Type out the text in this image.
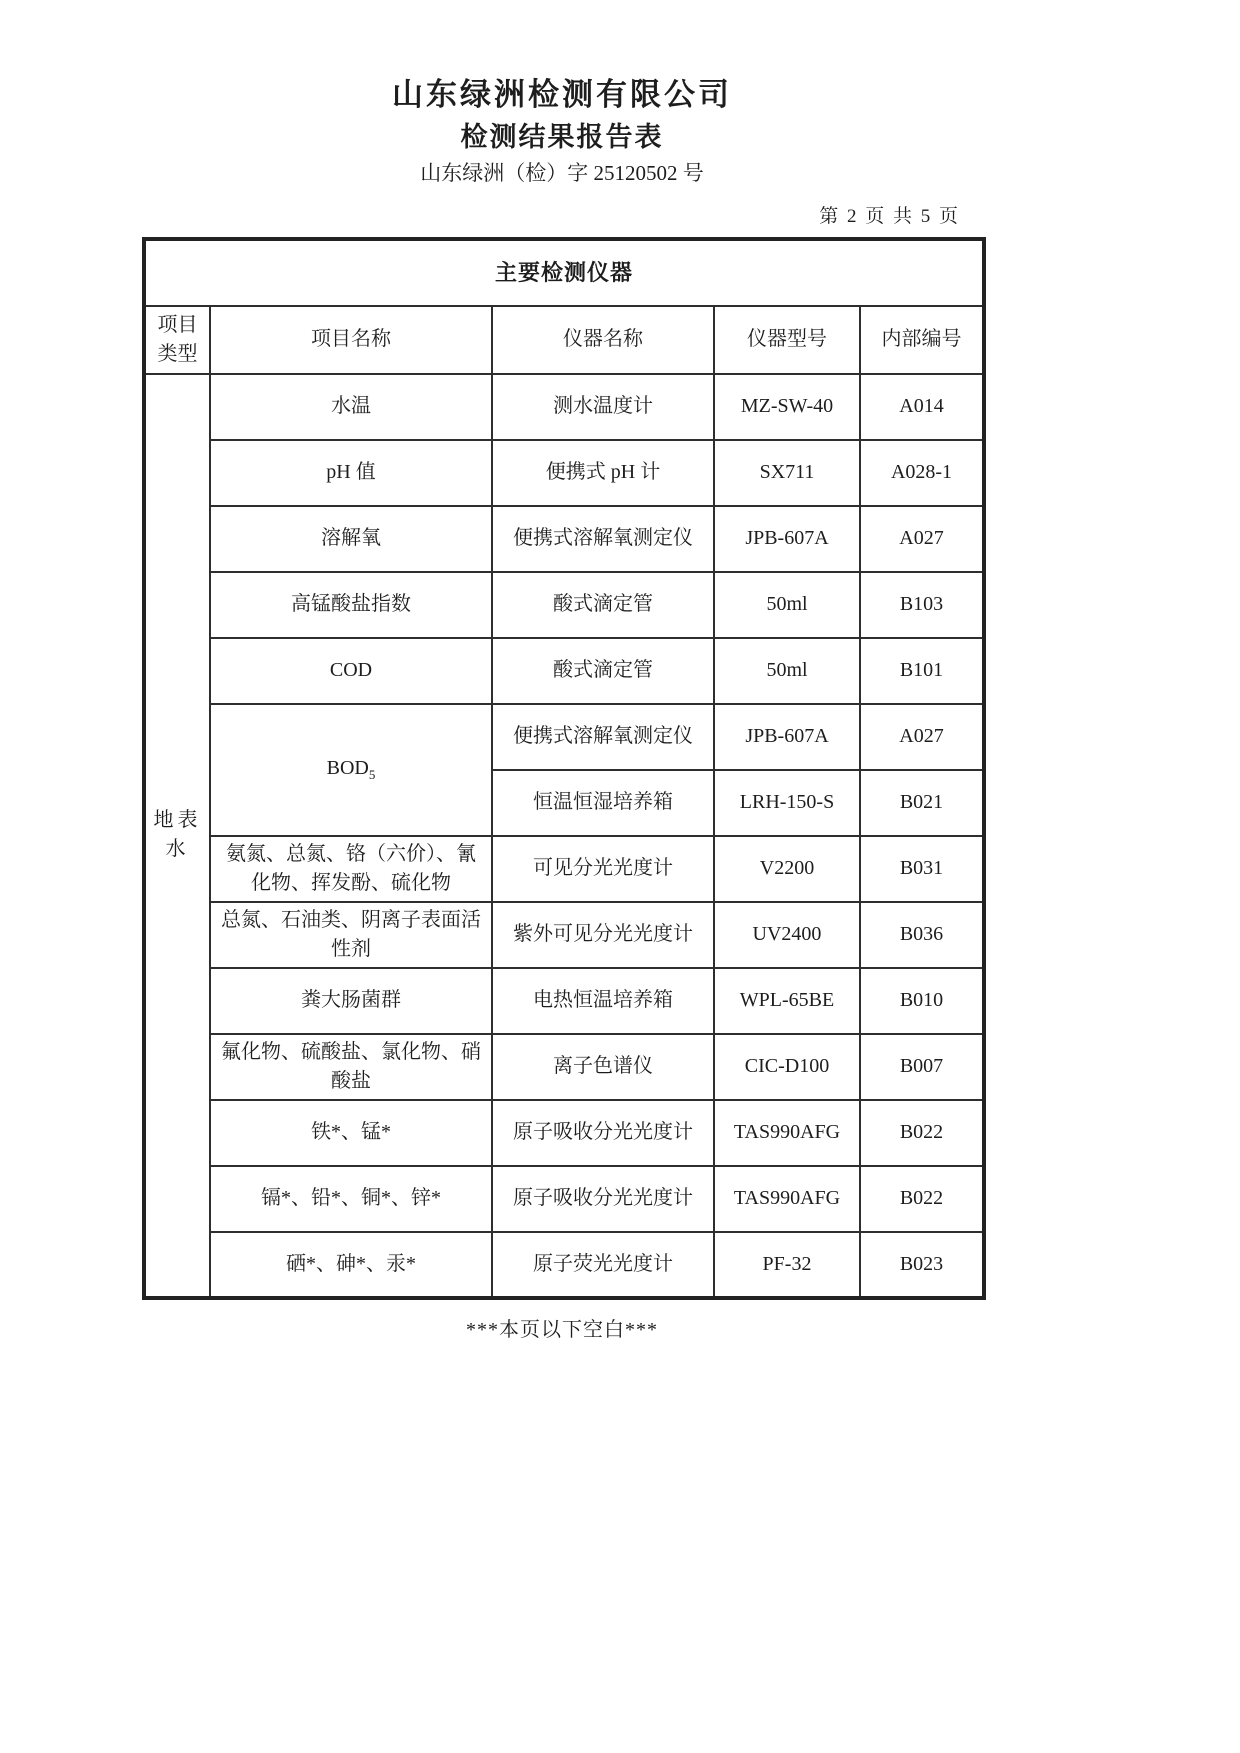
山东绿洲检测有限公司
检测结果报告表

山东绿洲（检）字 25120502 号

第 2 页 共 5 页
主要检测仪器				
项目类型	项目名称	仪器名称	仪器型号	内部编号
地表水	水温	测水温度计	MZ-SW-40	A014
	pH 值	便携式 pH 计	SX711	A028-1
	溶解氧	便携式溶解氧测定仪	JPB-607A	A027
	高锰酸盐指数	酸式滴定管	50ml	B103
	COD	酸式滴定管	50ml	B101
	$BOD_5$	便携式溶解氧测定仪	JPB-607A	A027
		恒温恒湿培养箱	LRH-150-S	B021
	氨氮、总氮、铬（六价）、氰化物、挥发酚、硫化物	可见分光光度计	V2200	B031
	总氮、石油类、阴离子表面活性剂	紫外可见分光光度计	UV2400	B036
	粪大肠菌群	电热恒温培养箱	WPL-65BE	B010
	氟化物、硫酸盐、氯化物、硝酸盐	离子色谱仪	CIC-D100	B007
	铁*、锰*	原子吸收分光光度计	TAS990AFG	B022
	镉*、铅*、铜*、锌*	原子吸收分光光度计	TAS990AFG	B022
	硒*、砷*、汞*	原子荧光光度计	PF-32	B023
***本页以下空白***
